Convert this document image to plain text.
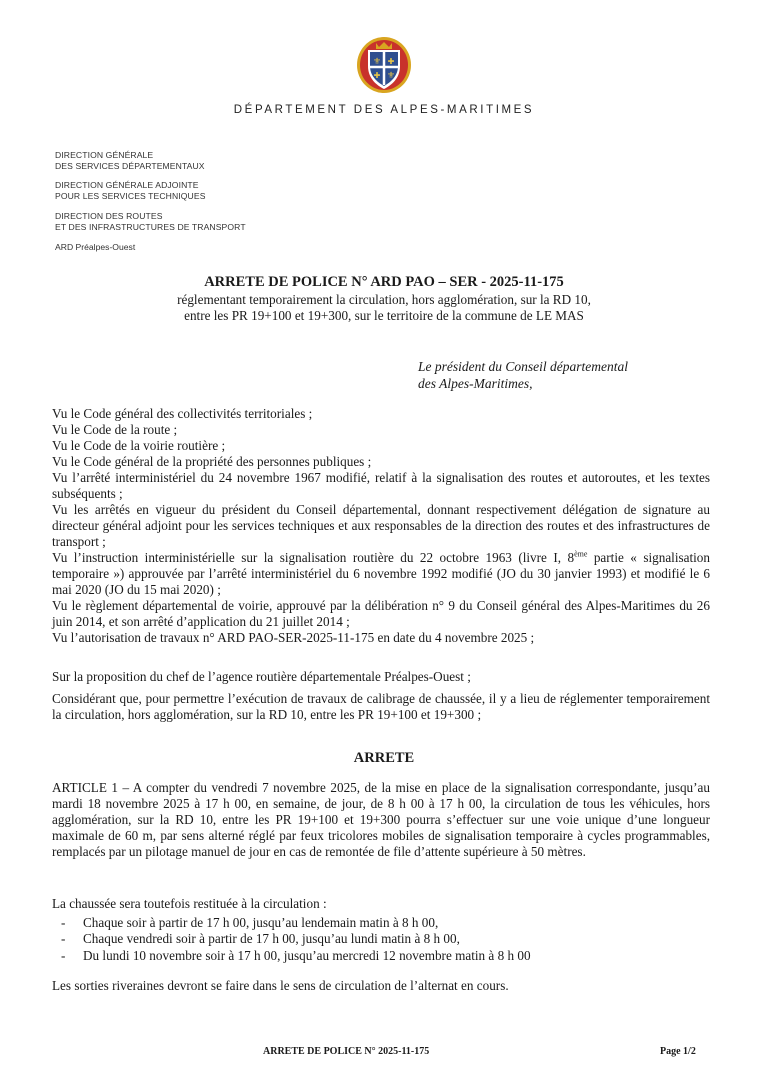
⚜ ✚
✚ ⚜
DÉPARTEMENT DES ALPES-MARITIMES
DIRECTION GÉNÉRALE
DES SERVICES DÉPARTEMENTAUX
DIRECTION GÉNÉRALE ADJOINTE
POUR LES SERVICES TECHNIQUES
DIRECTION DES ROUTES
ET DES INFRASTRUCTURES DE TRANSPORT
ARD Préalpes-Ouest
ARRETE DE POLICE N° ARD PAO – SER - 2025-11-175
réglementant temporairement la circulation, hors agglomération, sur la RD 10,
entre les PR 19+100 et 19+300, sur le territoire de la commune de LE MAS
Le président du Conseil départemental
des Alpes-Maritimes,

Vu le Code général des collectivités territoriales ;

Vu le Code de la route ;

Vu le Code de la voirie routière ;

Vu le Code général de la propriété des personnes publiques ;

Vu l’arrêté interministériel du 24 novembre 1967 modifié, relatif à la signalisation des routes et autoroutes, et les textes subséquents ;

Vu les arrêtés en vigueur du président du Conseil départemental, donnant respectivement délégation de signature au directeur général adjoint pour les services techniques et aux responsables de la direction des routes et des infrastructures de transport ;

Vu l’instruction interministérielle sur la signalisation routière du 22 octobre 1963 (livre I, 8ème partie « signalisation temporaire ») approuvée par l’arrêté interministériel du 6 novembre 1992 modifié (JO du 30 janvier 1993) et modifié le 6 mai 2020 (JO du 15 mai 2020) ;

Vu le règlement départemental de voirie, approuvé par la délibération n° 9 du Conseil général des Alpes-Maritimes du 26 juin 2014, et son arrêté d’application du 21 juillet 2014 ;

Vu l’autorisation de travaux n° ARD PAO-SER-2025-11-175 en date du 4 novembre 2025 ;

Sur la proposition du chef de l’agence routière départementale Préalpes-Ouest ;

Considérant que, pour permettre l’exécution de travaux de calibrage de chaussée, il y a lieu de réglementer temporairement la circulation, hors agglomération, sur la RD 10, entre les PR 19+100 et 19+300 ;

ARRETE

ARTICLE 1 – A compter du vendredi 7 novembre 2025, de la mise en place de la signalisation correspondante, jusqu’au mardi 18 novembre 2025 à 17 h 00, en semaine, de jour, de 8 h 00 à 17 h 00, la circulation de tous les véhicules, hors agglomération, sur la RD 10, entre les PR 19+100 et 19+300 pourra s’effectuer sur une voie unique d’une longueur maximale de 60 m, par sens alterné réglé par feux tricolores mobiles de signalisation temporaire à cycles programmables, remplacés par un pilotage manuel de jour en cas de remontée de file d’attente supérieure à 50 mètres.

La chaussée sera toutefois restituée à la circulation :

- Chaque soir à partir de 17 h 00, jusqu’au lendemain matin à 8 h 00,
- Chaque vendredi soir à partir de 17 h 00, jusqu’au lundi matin à 8 h 00,
- Du lundi 10 novembre soir à 17 h 00, jusqu’au mercredi 12 novembre matin à 8 h 00

Les sorties riveraines devront se faire dans le sens de circulation de l’alternat en cours.

ARRETE DE POLICE N° 2025-11-175	Page 1/2
